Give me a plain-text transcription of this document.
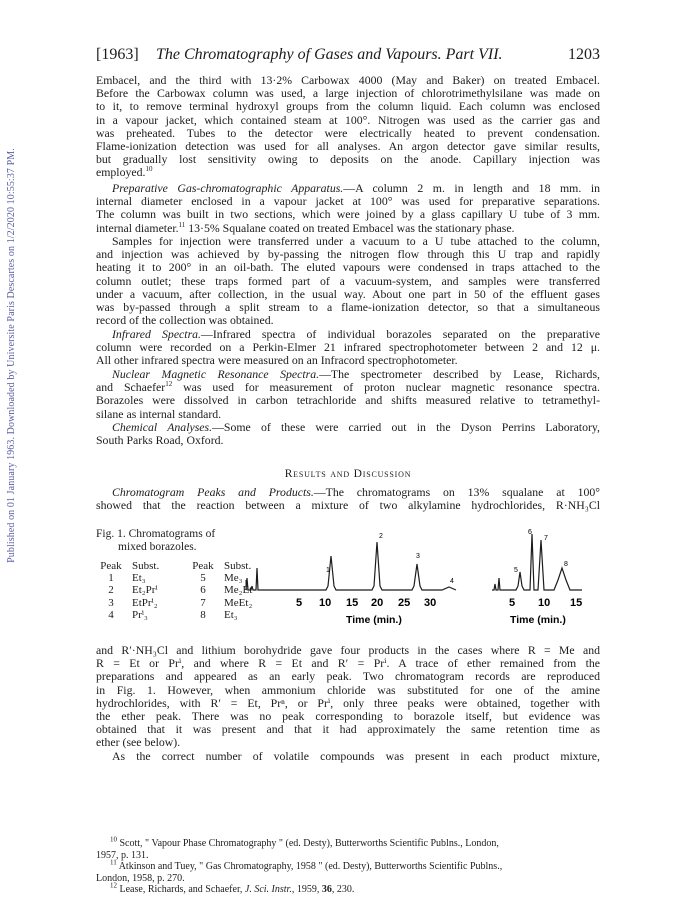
Published on 01 January 1963. Downloaded by Universite Paris Descartes on 1/2/2020 10:55:37 PM.
[1963] The Chromatography of Gases and Vapours. Part VII.	1203
Embacel, and the third with 13·2% Carbowax 4000 (May and Baker) on treated Embacel.
Before the Carbowax column was used, a large injection of chlorotrimethylsilane was made on
to it, to remove terminal hydroxyl groups from the column liquid. Each column was enclosed
in a vapour jacket, which contained steam at 100°. Nitrogen was used as the carrier gas and
was preheated. Tubes to the detector were electrically heated to prevent condensation.
Flame-ionization detection was used for all analyses. An argon detector gave similar results,
but gradually lost sensitivity owing to deposits on the anode. Capillary injection was
employed.$^{10}$
Preparative Gas-chromatographic Apparatus.—A column 2 m. in length and 18 mm. in
internal diameter enclosed in a vapour jacket at 100° was used for preparative separations.
The column was built in two sections, which were joined by a glass capillary U tube of 3 mm.
internal diameter.$^{11}$ 13·5% Squalane coated on treated Embacel was the stationary phase.
Samples for injection were transferred under a vacuum to a U tube attached to the column,
and injection was achieved by by-passing the nitrogen flow through this U trap and rapidly
heating it to 200° in an oil-bath. The eluted vapours were condensed in traps attached to the
column outlet; these traps formed part of a vacuum-system, and samples were transferred
under a vacuum, after collection, in the usual way. About one part in 50 of the effluent gases
was by-passed through a split stream to a flame-ionization detector, so that a simultaneous
record of the collection was obtained.
Infrared Spectra.—Infrared spectra of individual borazoles separated on the preparative
column were recorded on a Perkin-Elmer 21 infrared spectrophotometer between 2 and 12 μ.
All other infrared spectra were measured on an Infracord spectrophotometer.
Nuclear Magnetic Resonance Spectra.—The spectrometer described by Lease, Richards,
and Schaefer$^{12}$ was used for measurement of proton nuclear magnetic resonance spectra.
Borazoles were dissolved in carbon tetrachloride and shifts measured relative to tetramethyl-
silane as internal standard.
Chemical Analyses.—Some of these were carried out in the Dyson Perrins Laboratory,
South Parks Road, Oxford.
Results and Discussion
Chromatogram Peaks and Products.—The chromatograms on 13% squalane at 100°
showed that the reaction between a mixture of two alkylamine hydrochlorides, R·NH₃Cl
Fig. 1. Chromatograms of
mixed borazoles.
Peak	Subst.	Peak	Subst.
1	Et₃	5	Me₃
2	Et₂Prⁱ	6	Me₂Et
3	EtPrⁱ₂	7	MeEt₂
4	Prⁱ₃	8	Et₃
1
2
3
4
5 10 15 20 25 30
Time (min.)
5
6
7
8
5 10 15
Time (min.)
and R′·NH₃Cl and lithium borohydride gave four products in the cases where R = Me and
R = Et or Prⁱ, and where R = Et and R′ = Prⁱ. A trace of ether remained from the
preparations and appeared as an early peak. Two chromatogram records are reproduced
in Fig. 1. However, when ammonium chloride was substituted for one of the amine
hydrochlorides, with R′ = Et, Prⁿ, or Prⁱ, only three peaks were obtained, together with
the ether peak. There was no peak corresponding to borazole itself, but evidence was
obtained that it was present and that it had approximately the same retention time as
ether (see below).
As the correct number of volatile compounds was present in each product mixture,
$^{10}$ Scott, " Vapour Phase Chromatography " (ed. Desty), Butterworths Scientific Publns., London,
1957, p. 131.
$^{11}$ Atkinson and Tuey, " Gas Chromatography, 1958 " (ed. Desty), Butterworths Scientific Publns.,
London, 1958, p. 270.
$^{12}$ Lease, Richards, and Schaefer, J. Sci. Instr., 1959, 36, 230.
